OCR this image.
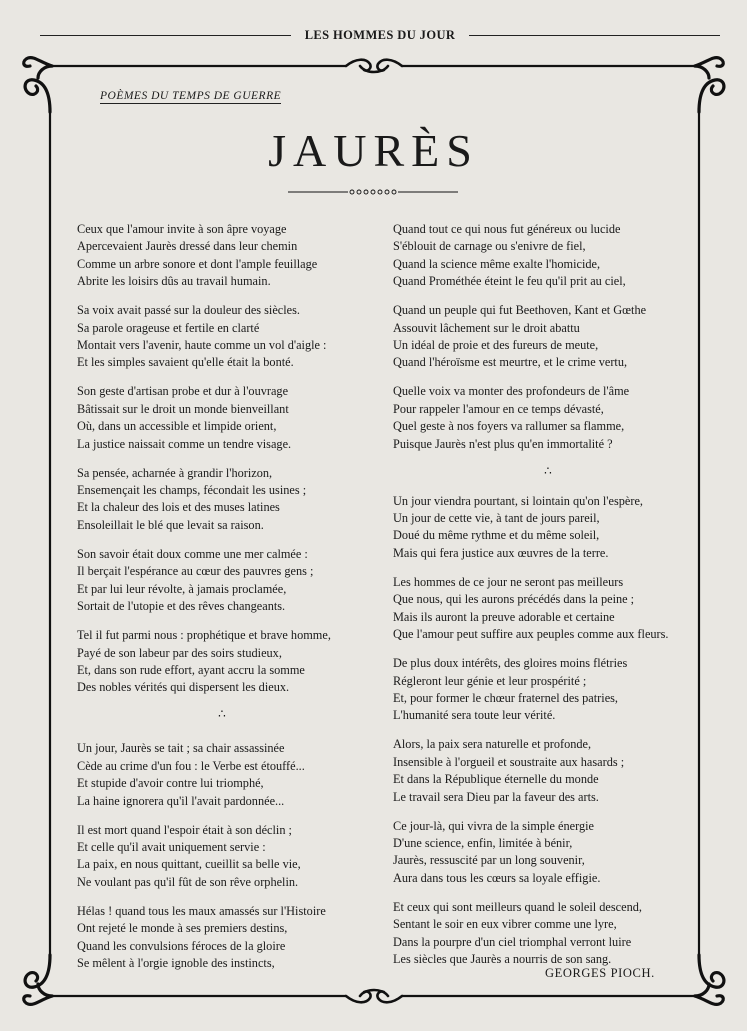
LES HOMMES DU JOUR
POÈMES DU TEMPS DE GUERRE
JAURÈS
Ceux que l'amour invite à son âpre voyage
Apercevaient Jaurès dressé dans leur chemin
Comme un arbre sonore et dont l'ample feuillage
Abrite les loisirs dûs au travail humain.
Sa voix avait passé sur la douleur des siècles.
Sa parole orageuse et fertile en clarté
Montait vers l'avenir, haute comme un vol d'aigle :
Et les simples savaient qu'elle était la bonté.
Son geste d'artisan probe et dur à l'ouvrage
Bâtissait sur le droit un monde bienveillant
Où, dans un accessible et limpide orient,
La justice naissait comme un tendre visage.
Sa pensée, acharnée à grandir l'horizon,
Ensemençait les champs, fécondait les usines ;
Et la chaleur des lois et des muses latines
Ensoleillait le blé que levait sa raison.
Son savoir était doux comme une mer calmée :
Il berçait l'espérance au cœur des pauvres gens ;
Et par lui leur révolte, à jamais proclamée,
Sortait de l'utopie et des rêves changeants.
Tel il fut parmi nous : prophétique et brave homme,
Payé de son labeur par des soirs studieux,
Et, dans son rude effort, ayant accru la somme
Des nobles vérités qui dispersent les dieux.
∴
Un jour, Jaurès se tait ; sa chair assassinée
Cède au crime d'un fou : le Verbe est étouffé...
Et stupide d'avoir contre lui triomphé,
La haine ignorera qu'il l'avait pardonnée...
Il est mort quand l'espoir était à son déclin ;
Et celle qu'il avait uniquement servie :
La paix, en nous quittant, cueillit sa belle vie,
Ne voulant pas qu'il fût de son rêve orphelin.
Hélas ! quand tous les maux amassés sur l'Histoire
Ont rejeté le monde à ses premiers destins,
Quand les convulsions féroces de la gloire
Se mêlent à l'orgie ignoble des instincts,
Quand tout ce qui nous fut généreux ou lucide
S'éblouit de carnage ou s'enivre de fiel,
Quand la science même exalte l'homicide,
Quand Prométhée éteint le feu qu'il prit au ciel,
Quand un peuple qui fut Beethoven, Kant et Gœthe
Assouvit lâchement sur le droit abattu
Un idéal de proie et des fureurs de meute,
Quand l'héroïsme est meurtre, et le crime vertu,
Quelle voix va monter des profondeurs de l'âme
Pour rappeler l'amour en ce temps dévasté,
Quel geste à nos foyers va rallumer sa flamme,
Puisque Jaurès n'est plus qu'en immortalité ?
∴
Un jour viendra pourtant, si lointain qu'on l'espère,
Un jour de cette vie, à tant de jours pareil,
Doué du même rythme et du même soleil,
Mais qui fera justice aux œuvres de la terre.
Les hommes de ce jour ne seront pas meilleurs
Que nous, qui les aurons précédés dans la peine ;
Mais ils auront la preuve adorable et certaine
Que l'amour peut suffire aux peuples comme aux fleurs.
De plus doux intérêts, des gloires moins flétries
Régleront leur génie et leur prospérité ;
Et, pour former le chœur fraternel des patries,
L'humanité sera toute leur vérité.
Alors, la paix sera naturelle et profonde,
Insensible à l'orgueil et soustraite aux hasards ;
Et dans la République éternelle du monde
Le travail sera Dieu par la faveur des arts.
Ce jour-là, qui vivra de la simple énergie
D'une science, enfin, limitée à bénir,
Jaurès, ressuscité par un long souvenir,
Aura dans tous les cœurs sa loyale effigie.
Et ceux qui sont meilleurs quand le soleil descend,
Sentant le soir en eux vibrer comme une lyre,
Dans la pourpre d'un ciel triomphal verront luire
Les siècles que Jaurès a nourris de son sang.
GEORGES PIOCH.
